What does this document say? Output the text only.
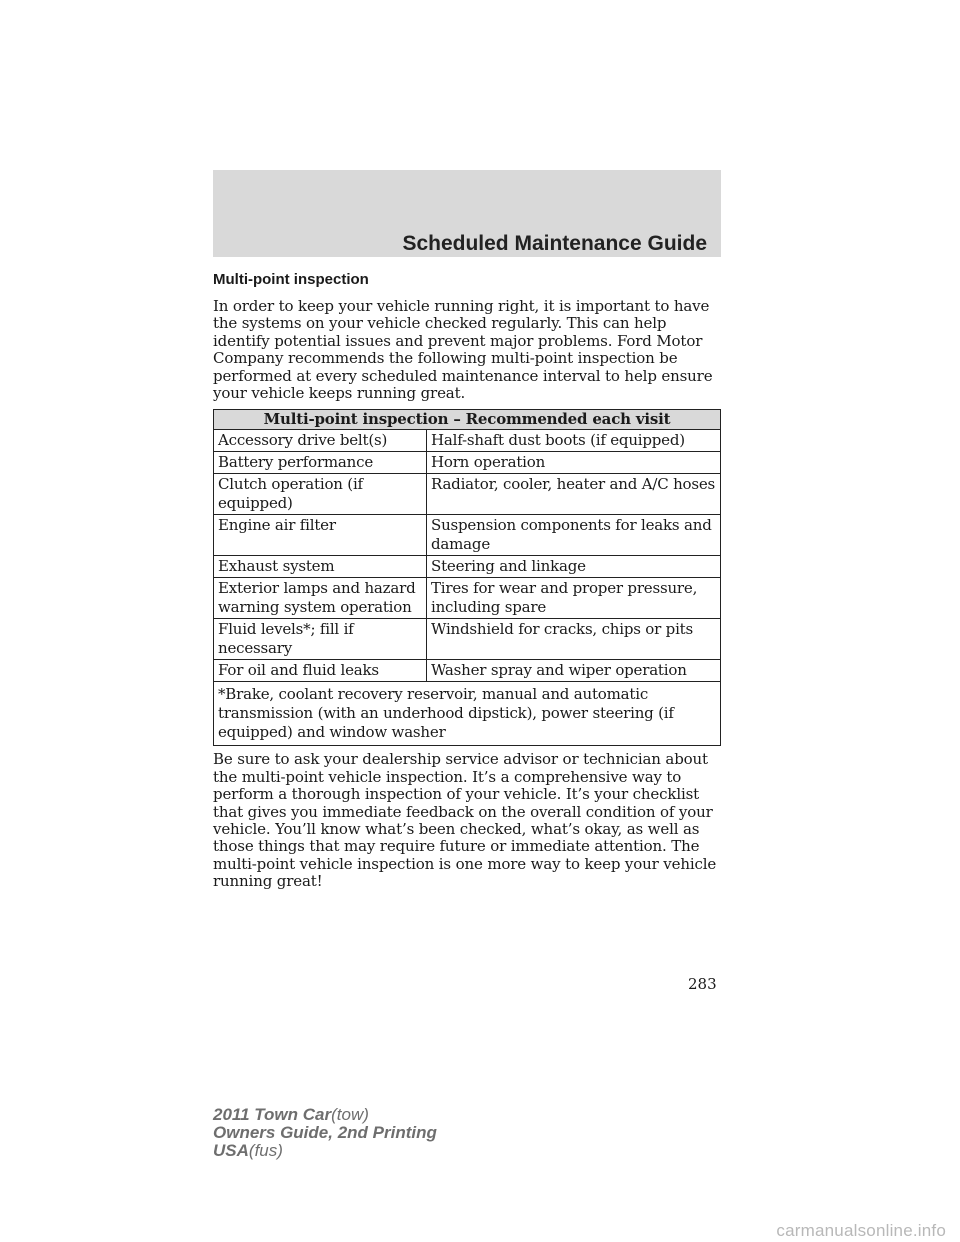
Scheduled Maintenance Guide
Multi-point inspection

In order to keep your vehicle running right, it is important to have the systems on your vehicle checked regularly. This can help identify potential issues and prevent major problems. Ford Motor Company recommends the following multi-point inspection be performed at every scheduled maintenance interval to help ensure your vehicle keeps running great.

Multi-point inspection – Recommended each visit	
Accessory drive belt(s)	Half-shaft dust boots (if equipped)
Battery performance	Horn operation
Clutch operation (if equipped)	Radiator, cooler, heater and A/C hoses
Engine air filter	Suspension components for leaks and damage
Exhaust system	Steering and linkage
Exterior lamps and hazard warning system operation	Tires for wear and proper pressure, including spare
Fluid levels*; fill if necessary	Windshield for cracks, chips or pits
For oil and fluid leaks	Washer spray and wiper operation
*Brake, coolant recovery reservoir, manual and automatic transmission (with an underhood dipstick), power steering (if equipped) and window washer	

Be sure to ask your dealership service advisor or technician about the multi-point vehicle inspection. It’s a comprehensive way to perform a thorough inspection of your vehicle. It’s your checklist that gives you immediate feedback on the overall condition of your vehicle. You’ll know what’s been checked, what’s okay, as well as those things that may require future or immediate attention. The multi-point vehicle inspection is one more way to keep your vehicle running great!

283
2011 Town Car(tow)
Owners Guide, 2nd Printing
USA(fus)
carmanualsonline.info
